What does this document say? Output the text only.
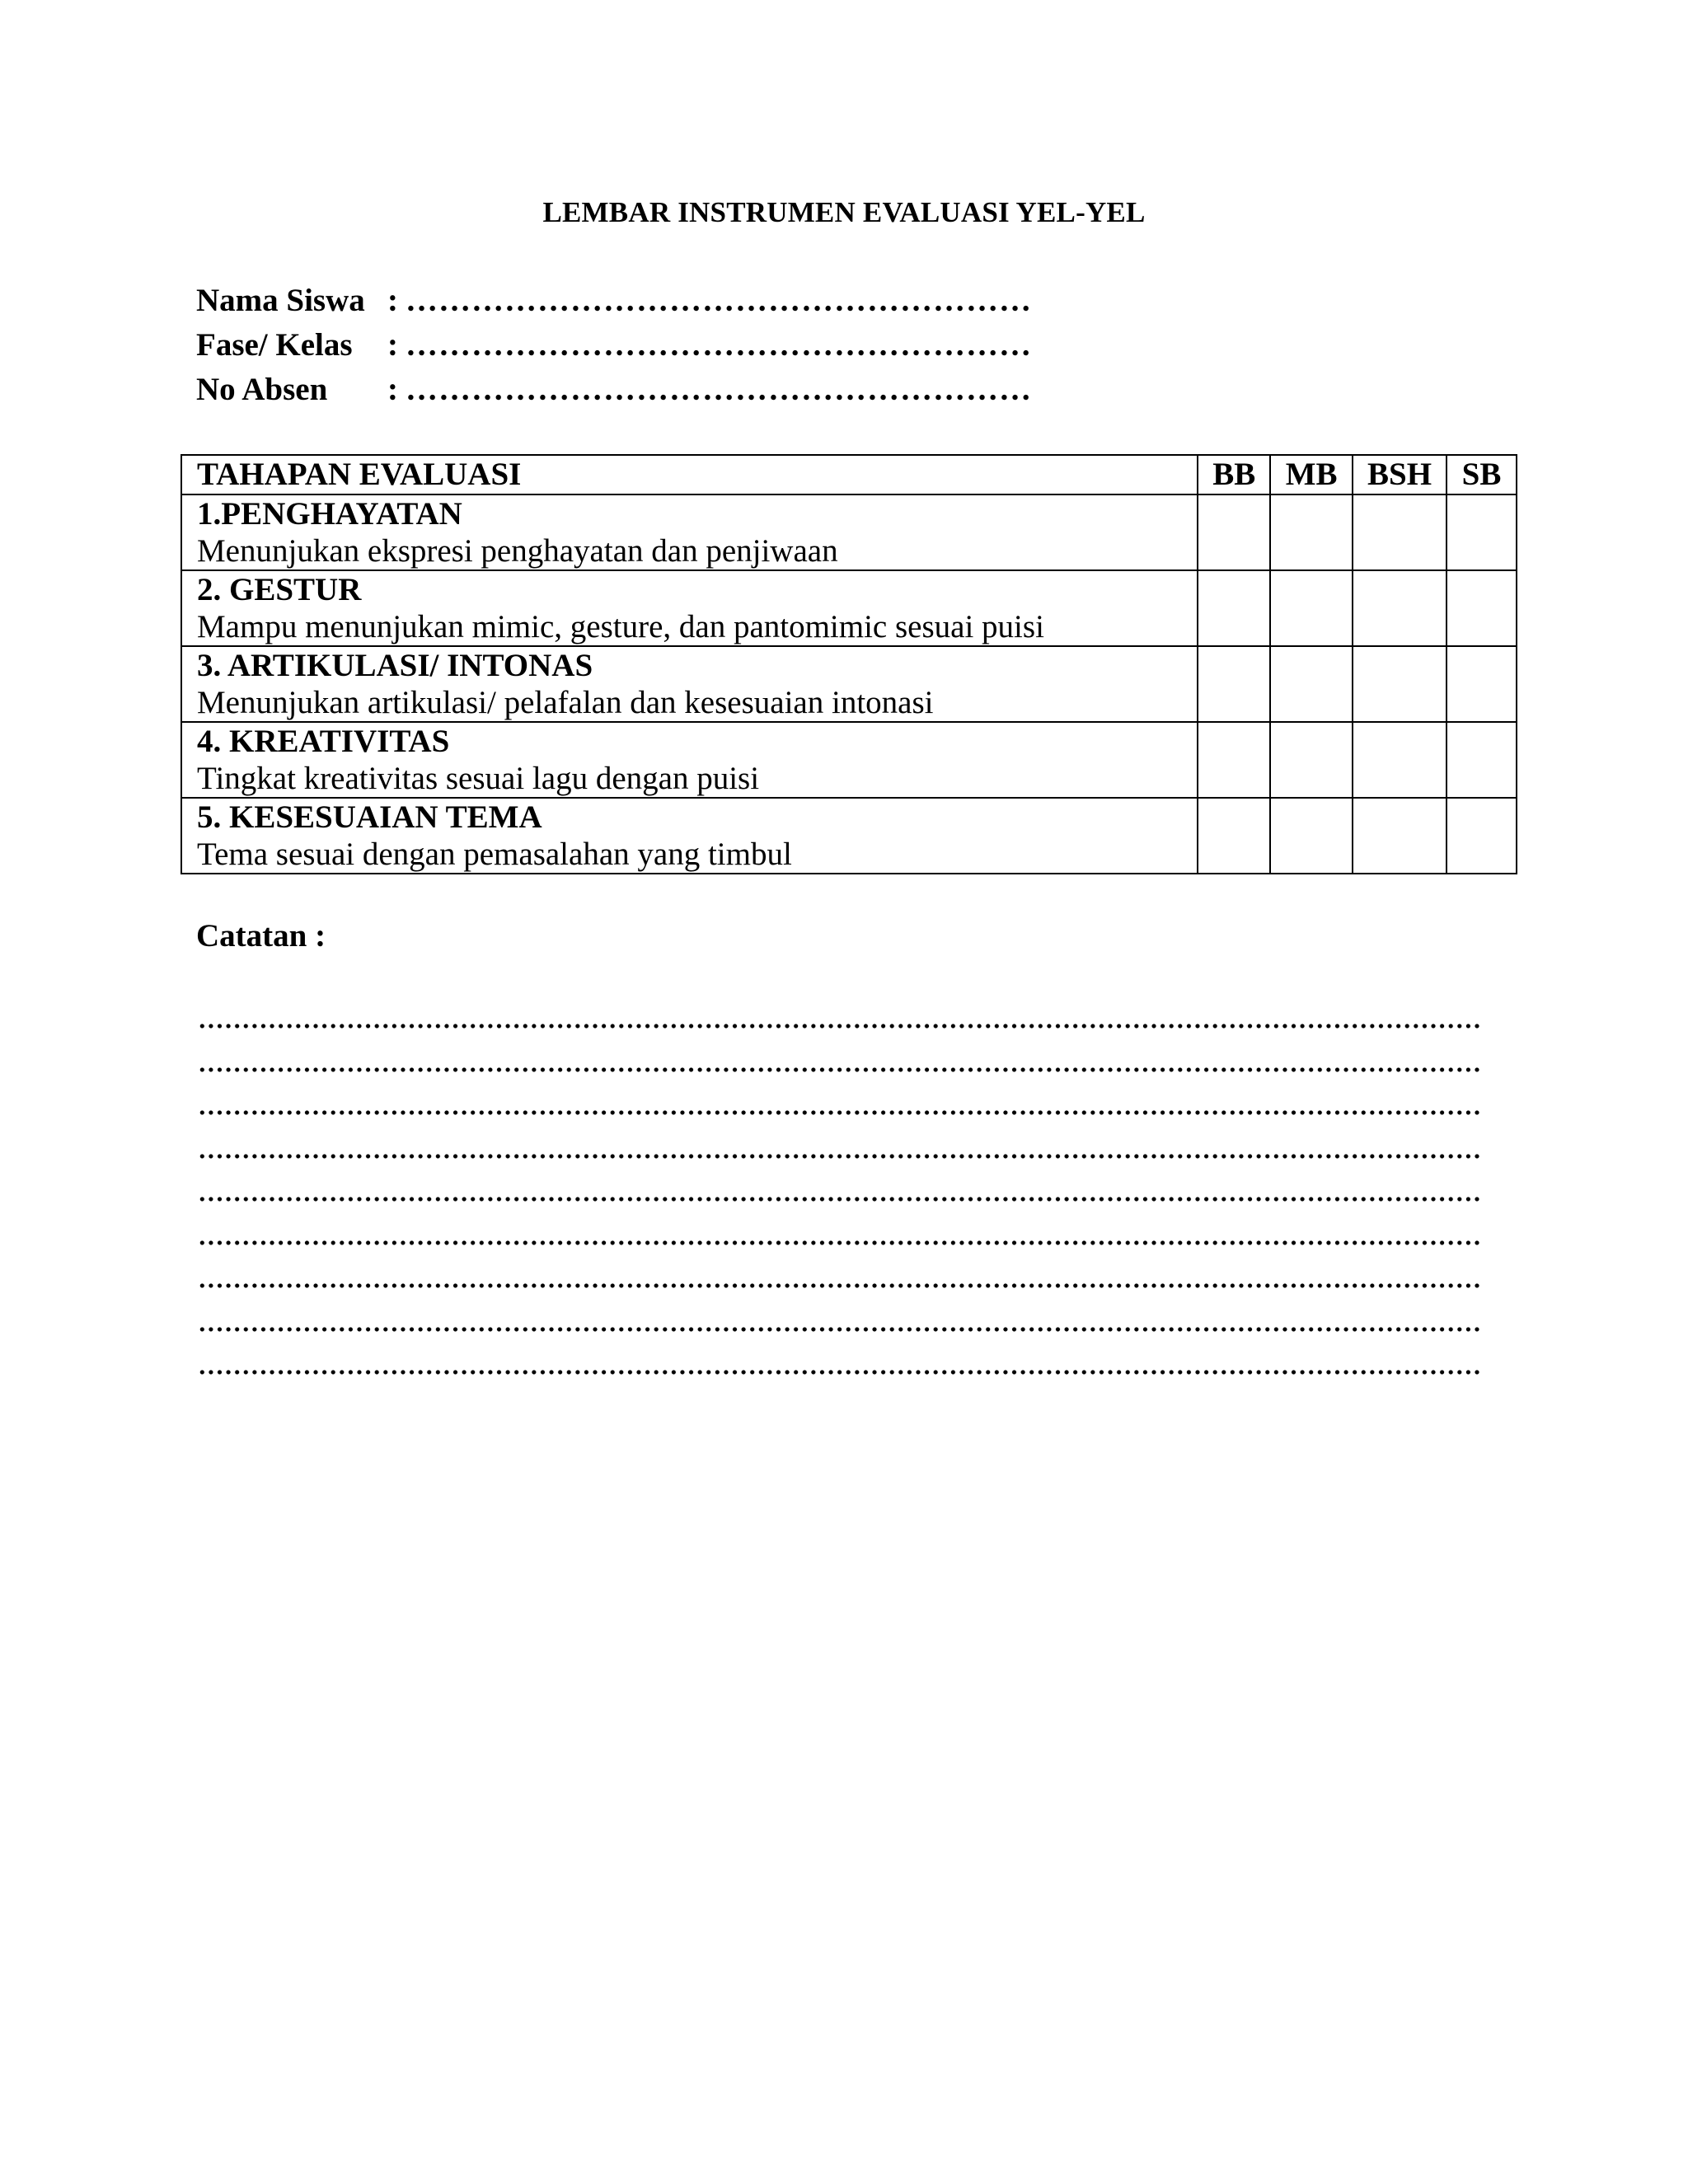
LEMBAR INSTRUMEN EVALUASI YEL-YEL
Nama Siswa : …………………………………………………
Fase/ Kelas : …………………………………………………
No Absen : …………………………………………………
TAHAPAN EVALUASI	BB	MB	BSH	SB

1.PENGHAYATAN
Menunjukan ekspresi penghayatan dan penjiwaan				

2. GESTUR
Mampu menunjukan mimic, gesture, dan pantomimic sesuai puisi				

3. ARTIKULASI/ INTONAS
Menunjukan artikulasi/ pelafalan dan kesesuaian intonasi				

4. KREATIVITAS
Tingkat kreativitas sesuai lagu dengan puisi				

5. KESESUAIAN TEMA
Tema sesuai dengan pemasalahan yang timbul				

Catatan :
